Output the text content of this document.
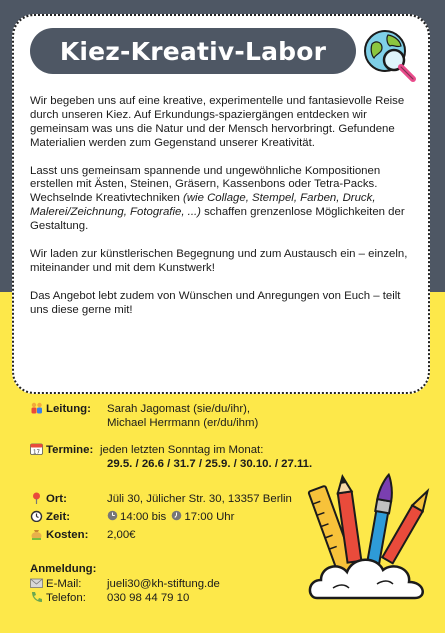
Kiez-Kreativ-Labor

Wir begeben uns auf eine kreative, experimentelle und fantasievolle Reise durch unseren Kiez. Auf Erkundungs-spaziergängen entdecken wir gemeinsam was uns die Natur und der Mensch hervorbringt. Gefundene Materialien werden zum Gegenstand unserer Kreativität.

Lasst uns gemeinsam spannende und ungewöhnliche Kompositionen erstellen mit Ästen, Steinen, Gräsern, Kassenbons oder Tetra-Packs. Wechselnde Kreativtechniken (wie Collage, Stempel, Farben, Druck, Malerei/Zeichnung, Fotografie, ...) schaffen grenzenlose Möglichkeiten der Gestaltung.

Wir laden zur künstlerischen Begegnung und zum Austausch ein – einzeln, miteinander und mit dem Kunstwerk!

Das Angebot lebt zudem von Wünschen und Anregungen von Euch – teilt uns diese gerne mit!

Leitung: Sarah Jagomast (sie/du/ihr),
Michael Herrmann (er/du/ihm)
17 Termine: jeden letzten Sonntag im Monat:
29.5. / 26.6 / 31.7 / 25.9. / 30.10. / 27.11.
Ort:	Jüli 30, Jülicher Str. 30, 13357 Berlin
Zeit:	14:00 bis 17:00 Uhr
Kosten: 2,00€
Anmeldung:
E-Mail: jueli30@kh-stiftung.de
Telefon: 030 98 44 79 10
